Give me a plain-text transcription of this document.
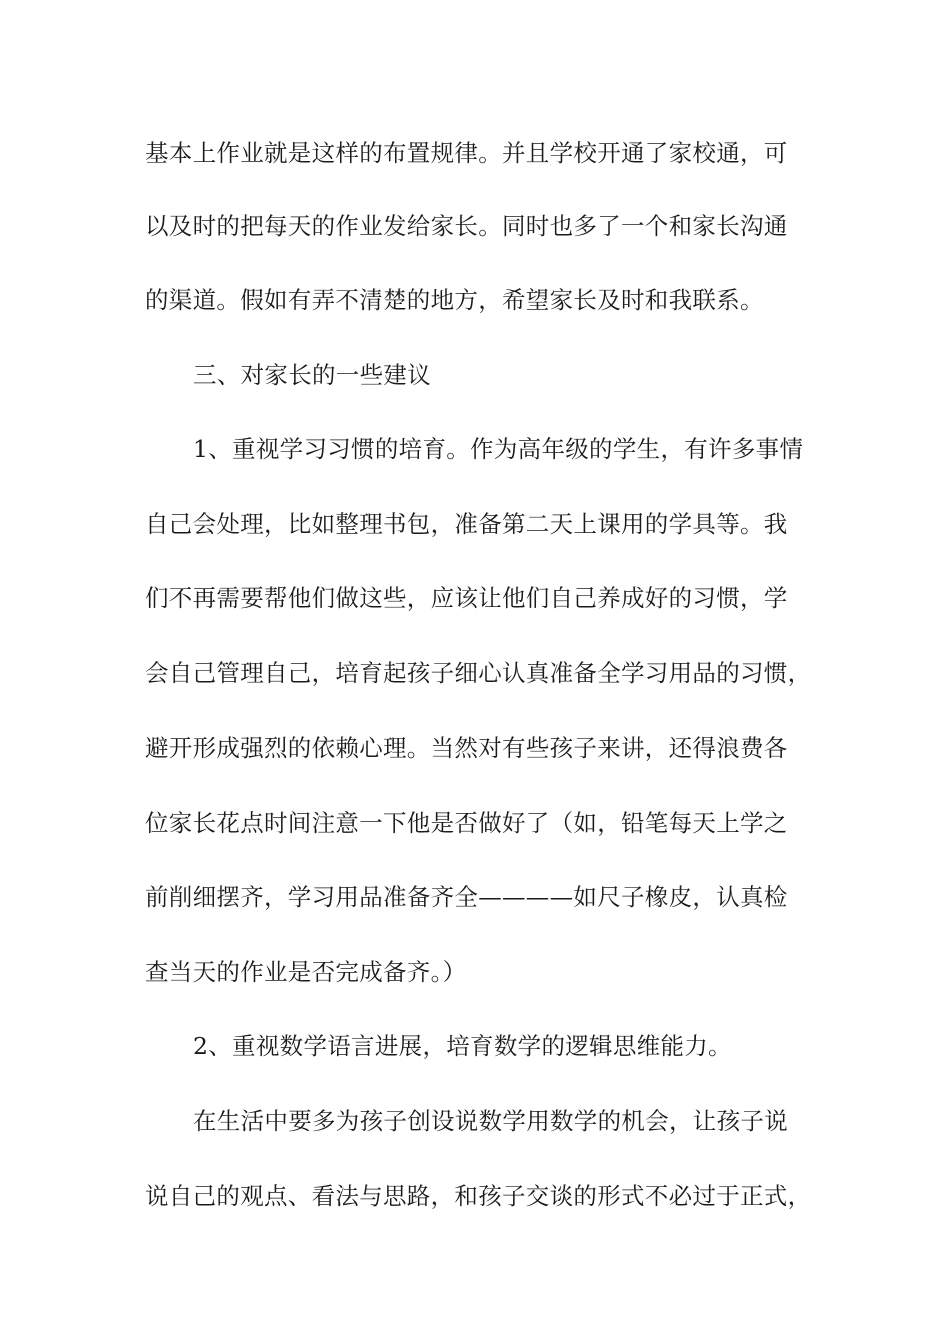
基本上作业就是这样的布置规律。并且学校开通了家校通，可
以及时的把每天的作业发给家长。同时也多了一个和家长沟通
的渠道。假如有弄不清楚的地方，希望家长及时和我联系。
三、对家长的一些建议
1、重视学习习惯的培育。作为高年级的学生，有许多事情
自己会处理，比如整理书包，准备第二天上课用的学具等。我
们不再需要帮他们做这些，应该让他们自己养成好的习惯，学
会自己管理自己，培育起孩子细心认真准备全学习用品的习惯，
避开形成强烈的依赖心理。当然对有些孩子来讲，还得浪费各
位家长花点时间注意一下他是否做好了（如，铅笔每天上学之
前削细摆齐，学习用品准备齐全————如尺子橡皮，认真检
查当天的作业是否完成备齐。）
2、重视数学语言进展，培育数学的逻辑思维能力。
在生活中要多为孩子创设说数学用数学的机会，让孩子说
说自己的观点、看法与思路，和孩子交谈的形式不必过于正式，
